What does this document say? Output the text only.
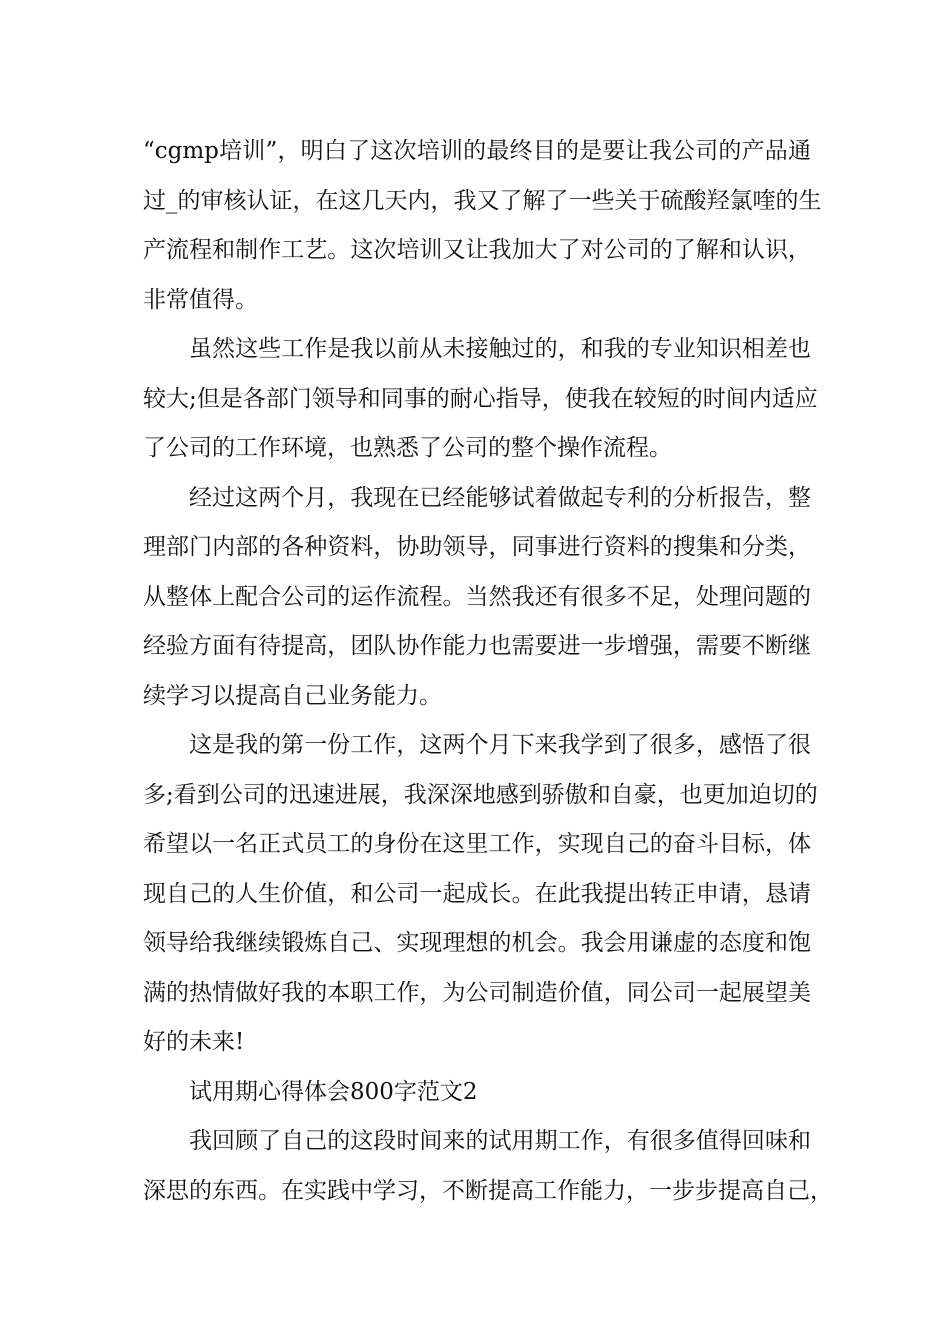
“cgmp培训”，明白了这次培训的最终目的是要让我公司的产品通
过_的审核认证，在这几天内，我又了解了一些关于硫酸羟氯喹的生
产流程和制作工艺。这次培训又让我加大了对公司的了解和认识，
非常值得。
虽然这些工作是我以前从未接触过的，和我的专业知识相差也
较大;但是各部门领导和同事的耐心指导，使我在较短的时间内适应
了公司的工作环境，也熟悉了公司的整个操作流程。
经过这两个月，我现在已经能够试着做起专利的分析报告，整
理部门内部的各种资料，协助领导，同事进行资料的搜集和分类，
从整体上配合公司的运作流程。当然我还有很多不足，处理问题的
经验方面有待提高，团队协作能力也需要进一步增强，需要不断继
续学习以提高自己业务能力。
这是我的第一份工作，这两个月下来我学到了很多，感悟了很
多;看到公司的迅速进展，我深深地感到骄傲和自豪，也更加迫切的
希望以一名正式员工的身份在这里工作，实现自己的奋斗目标，体
现自己的人生价值，和公司一起成长。在此我提出转正申请，恳请
领导给我继续锻炼自己、实现理想的机会。我会用谦虚的态度和饱
满的热情做好我的本职工作，为公司制造价值，同公司一起展望美
好的未来!
试用期心得体会800字范文2
我回顾了自己的这段时间来的试用期工作，有很多值得回味和
深思的东西。在实践中学习，不断提高工作能力，一步步提高自己，
